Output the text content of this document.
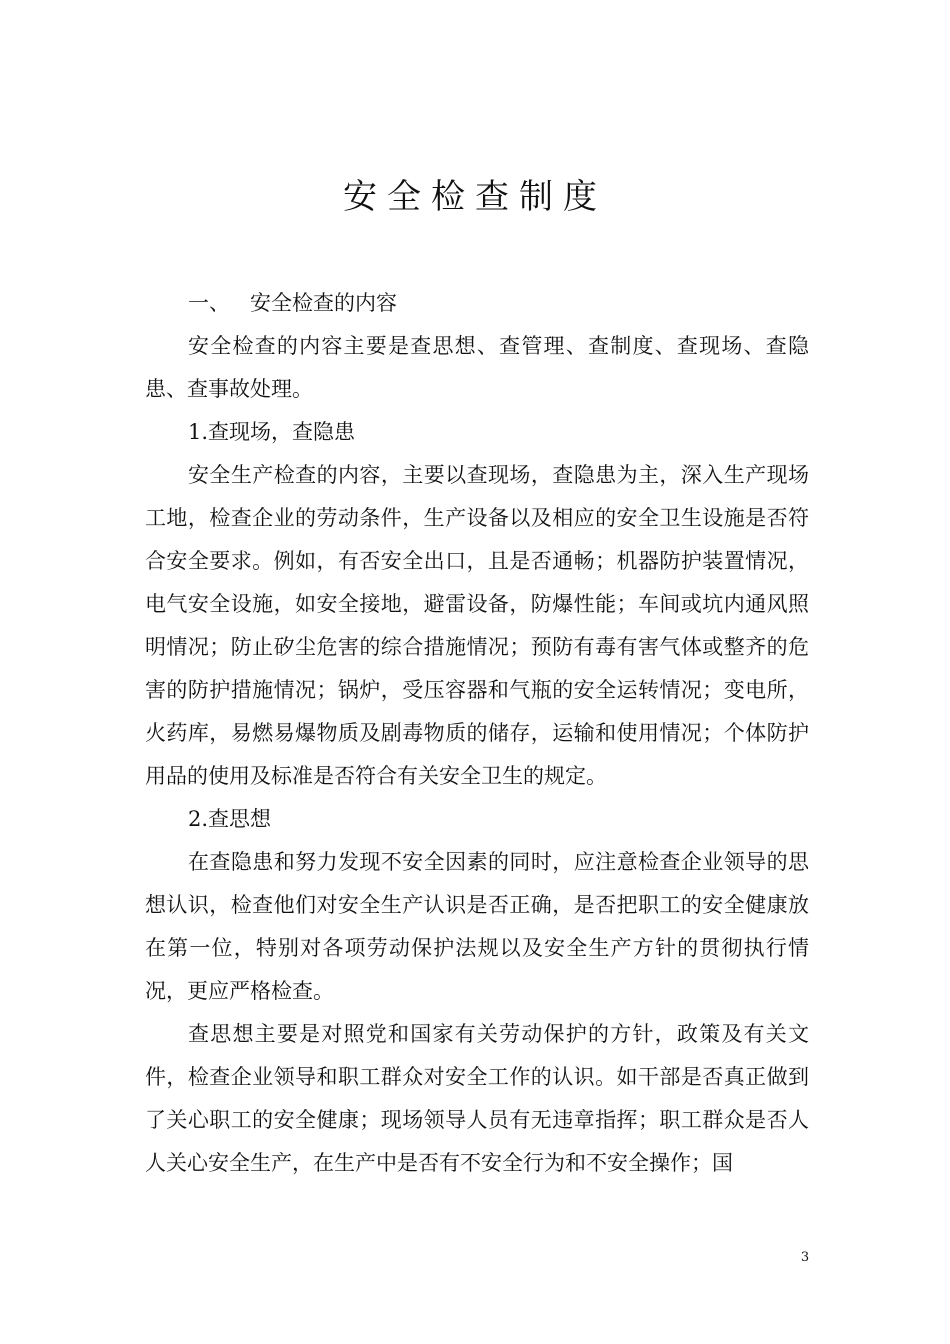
安全检查制度

一、 安全检查的内容

安全检查的内容主要是查思想、查管理、查制度、查现场、查隐患、查事故处理。

1.查现场，查隐患

安全生产检查的内容，主要以查现场，查隐患为主，深入生产现场工地，检查企业的劳动条件，生产设备以及相应的安全卫生设施是否符合安全要求。例如，有否安全出口，且是否通畅；机器防护装置情况，电气安全设施，如安全接地，避雷设备，防爆性能；车间或坑内通风照明情况；防止矽尘危害的综合措施情况；预防有毒有害气体或整齐的危害的防护措施情况；锅炉，受压容器和气瓶的安全运转情况；变电所，火药库，易燃易爆物质及剧毒物质的储存，运输和使用情况；个体防护用品的使用及标准是否符合有关安全卫生的规定。

2.查思想

在查隐患和努力发现不安全因素的同时，应注意检查企业领导的思想认识，检查他们对安全生产认识是否正确，是否把职工的安全健康放在第一位，特别对各项劳动保护法规以及安全生产方针的贯彻执行情况，更应严格检查。

查思想主要是对照党和国家有关劳动保护的方针，政策及有关文件，检查企业领导和职工群众对安全工作的认识。如干部是否真正做到了关心职工的安全健康；现场领导人员有无违章指挥；职工群众是否人人关心安全生产，在生产中是否有不安全行为和不安全操作；国

3
